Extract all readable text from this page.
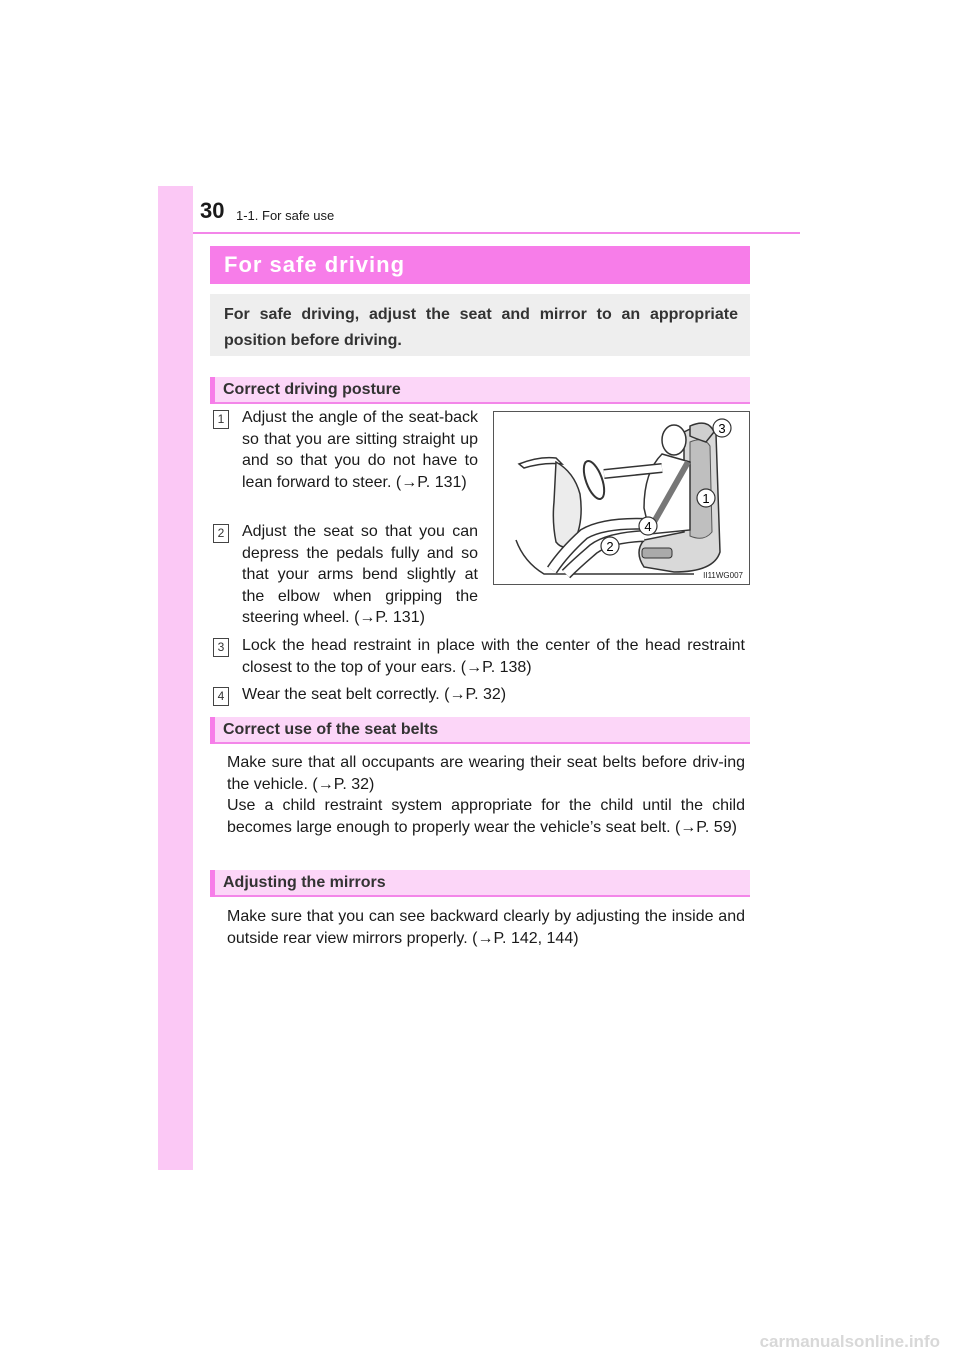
30 1-1. For safe use
For safe driving
For safe driving, adjust the seat and mirror to an appropriate position before driving.
Correct driving posture
1 Adjust the angle of the seat-back so that you are sitting straight up and so that you do not have to lean forward to steer. (→P. 131)
2 Adjust the seat so that you can depress the pedals fully and so that your arms bend slightly at the elbow when gripping the steering wheel. (→P. 131)
3 Lock the head restraint in place with the center of the head restraint closest to the top of your ears. (→P. 138)
4 Wear the seat belt correctly. (→P. 32)
3
1
4
2
II11WG007
Correct use of the seat belts
Make sure that all occupants are wearing their seat belts before driv-ing the vehicle. (→P. 32)
Use a child restraint system appropriate for the child until the child becomes large enough to properly wear the vehicle’s seat belt. (→P. 59)
Adjusting the mirrors
Make sure that you can see backward clearly by adjusting the inside and outside rear view mirrors properly. (→P. 142, 144)
carmanualsonline.info
